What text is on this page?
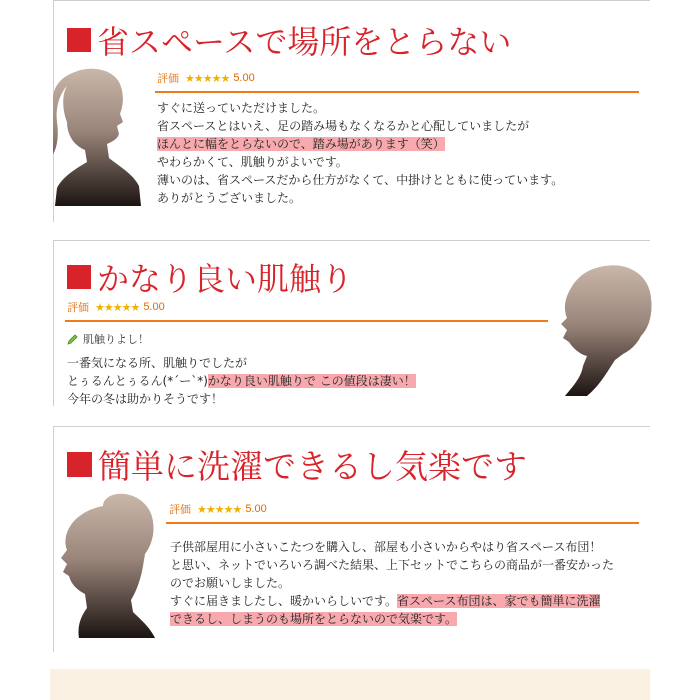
省スペースで場所をとらない
評価 ★★★★★ 5.00
すぐに送っていただけました。
省スペースとはいえ、足の踏み場もなくなるかと心配していましたが
ほんとに幅をとらないので、踏み場があります（笑）
やわらかくて、肌触りがよいです。
薄いのは、省スペースだから仕方がなくて、中掛けとともに使っています。
ありがとうございました。
かなり良い肌触り
評価 ★★★★★ 5.00
肌触りよし！
一番気になる所、肌触りでしたが
とぅるんとぅるん(*´ー`*)かなり良い肌触りで この値段は凄い！
今年の冬は助かりそうです！
簡単に洗濯できるし気楽です
評価 ★★★★★ 5.00
子供部屋用に小さいこたつを購入し、部屋も小さいからやはり省スペース布団！
と思い、ネットでいろいろ調べた結果、上下セットでこちらの商品が一番安かった
のでお願いしました。
すぐに届きましたし、暖かいらしいです。省スペース布団は、家でも簡単に洗濯
できるし、しまうのも場所をとらないので気楽です。
